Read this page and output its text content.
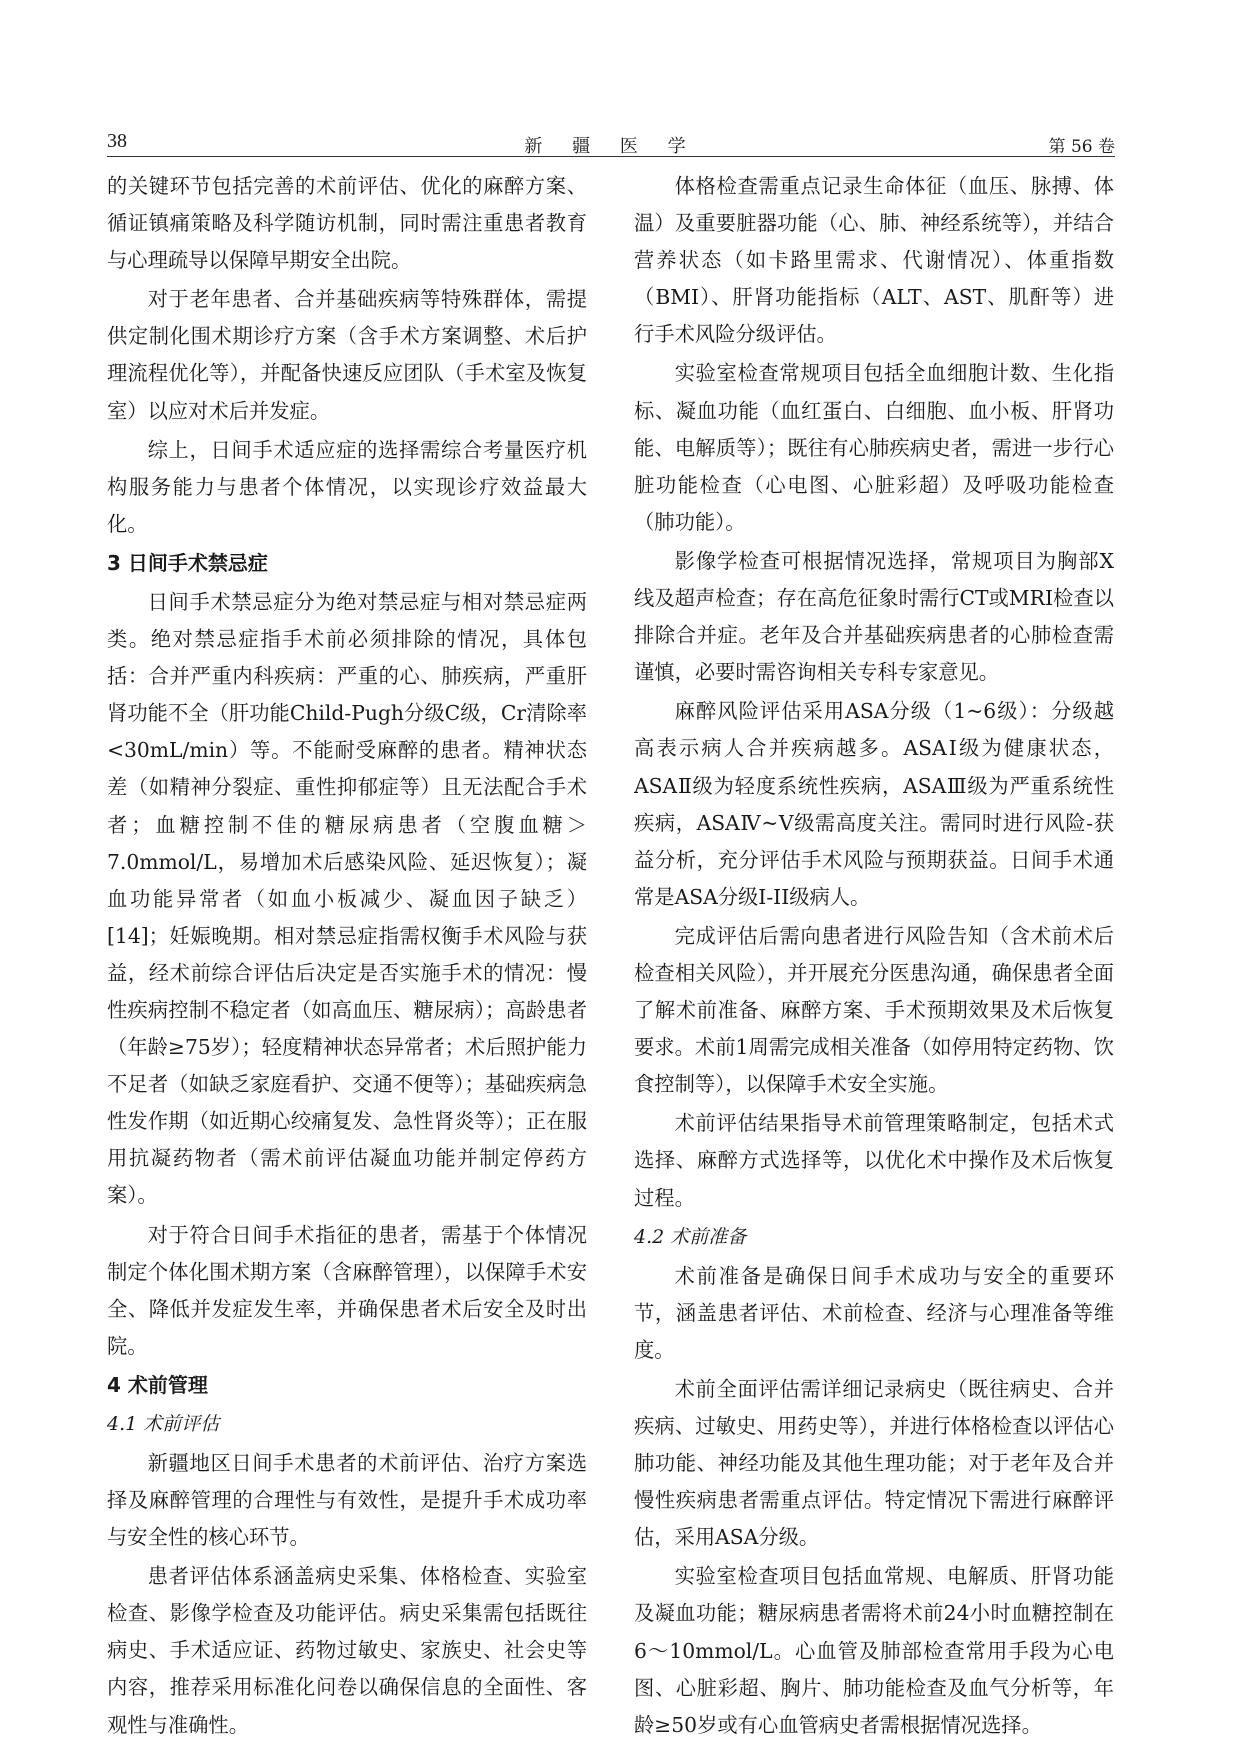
38	新 疆 医 学	第 56 卷

的关键环节包括完善的术前评估、优化的麻醉方案、循证镇痛策略及科学随访机制，同时需注重患者教育与心理疏导以保障早期安全出院。

对于老年患者、合并基础疾病等特殊群体，需提供定制化围术期诊疗方案（含手术方案调整、术后护理流程优化等），并配备快速反应团队（手术室及恢复室）以应对术后并发症。

综上，日间手术适应症的选择需综合考量医疗机构服务能力与患者个体情况，以实现诊疗效益最大化。

3 日间手术禁忌症

日间手术禁忌症分为绝对禁忌症与相对禁忌症两类。绝对禁忌症指手术前必须排除的情况，具体包括：合并严重内科疾病：严重的心、肺疾病，严重肝肾功能不全（肝功能Child-Pugh分级C级，Cr清除率<30mL/min）等。不能耐受麻醉的患者。精神状态差（如精神分裂症、重性抑郁症等）且无法配合手术者；血糖控制不佳的糖尿病患者（空腹血糖＞7.0mmol/L，易增加术后感染风险、延迟恢复）；凝血功能异常者（如血小板减少、凝血因子缺乏）[14]；妊娠晚期。相对禁忌症指需权衡手术风险与获益，经术前综合评估后决定是否实施手术的情况：慢性疾病控制不稳定者（如高血压、糖尿病）；高龄患者（年龄≥75岁）；轻度精神状态异常者；术后照护能力不足者（如缺乏家庭看护、交通不便等）；基础疾病急性发作期（如近期心绞痛复发、急性肾炎等）；正在服用抗凝药物者（需术前评估凝血功能并制定停药方案）。

对于符合日间手术指征的患者，需基于个体情况制定个体化围术期方案（含麻醉管理），以保障手术安全、降低并发症发生率，并确保患者术后安全及时出院。

4 术前管理
4.1 术前评估

新疆地区日间手术患者的术前评估、治疗方案选择及麻醉管理的合理性与有效性，是提升手术成功率与安全性的核心环节。

患者评估体系涵盖病史采集、体格检查、实验室检查、影像学检查及功能评估。病史采集需包括既往病史、手术适应证、药物过敏史、家族史、社会史等内容，推荐采用标准化问卷以确保信息的全面性、客观性与准确性。

体格检查需重点记录生命体征（血压、脉搏、体温）及重要脏器功能（心、肺、神经系统等），并结合营养状态（如卡路里需求、代谢情况）、体重指数（BMI）、肝肾功能指标（ALT、AST、肌酐等）进行手术风险分级评估。

实验室检查常规项目包括全血细胞计数、生化指标、凝血功能（血红蛋白、白细胞、血小板、肝肾功能、电解质等）；既往有心肺疾病史者，需进一步行心脏功能检查（心电图、心脏彩超）及呼吸功能检查（肺功能）。

影像学检查可根据情况选择，常规项目为胸部X线及超声检查；存在高危征象时需行CT或MRI检查以排除合并症。老年及合并基础疾病患者的心肺检查需谨慎，必要时需咨询相关专科专家意见。

麻醉风险评估采用ASA分级（1~6级）：分级越高表示病人合并疾病越多。ASAⅠ级为健康状态，ASAⅡ级为轻度系统性疾病，ASAⅢ级为严重系统性疾病，ASAⅣ~Ⅴ级需高度关注。需同时进行风险-获益分析，充分评估手术风险与预期获益。日间手术通常是ASA分级I-II级病人。

完成评估后需向患者进行风险告知（含术前术后检查相关风险），并开展充分医患沟通，确保患者全面了解术前准备、麻醉方案、手术预期效果及术后恢复要求。术前1周需完成相关准备（如停用特定药物、饮食控制等），以保障手术安全实施。

术前评估结果指导术前管理策略制定，包括术式选择、麻醉方式选择等，以优化术中操作及术后恢复过程。

4.2 术前准备

术前准备是确保日间手术成功与安全的重要环节，涵盖患者评估、术前检查、经济与心理准备等维度。

术前全面评估需详细记录病史（既往病史、合并疾病、过敏史、用药史等），并进行体格检查以评估心肺功能、神经功能及其他生理功能；对于老年及合并慢性疾病患者需重点评估。特定情况下需进行麻醉评估，采用ASA分级。

实验室检查项目包括血常规、电解质、肝肾功能及凝血功能；糖尿病患者需将术前24小时血糖控制在6～10mmol/L。心血管及肺部检查常用手段为心电图、心脏彩超、胸片、肺功能检查及血气分析等，年龄≥50岁或有心血管病史者需根据情况选择。
